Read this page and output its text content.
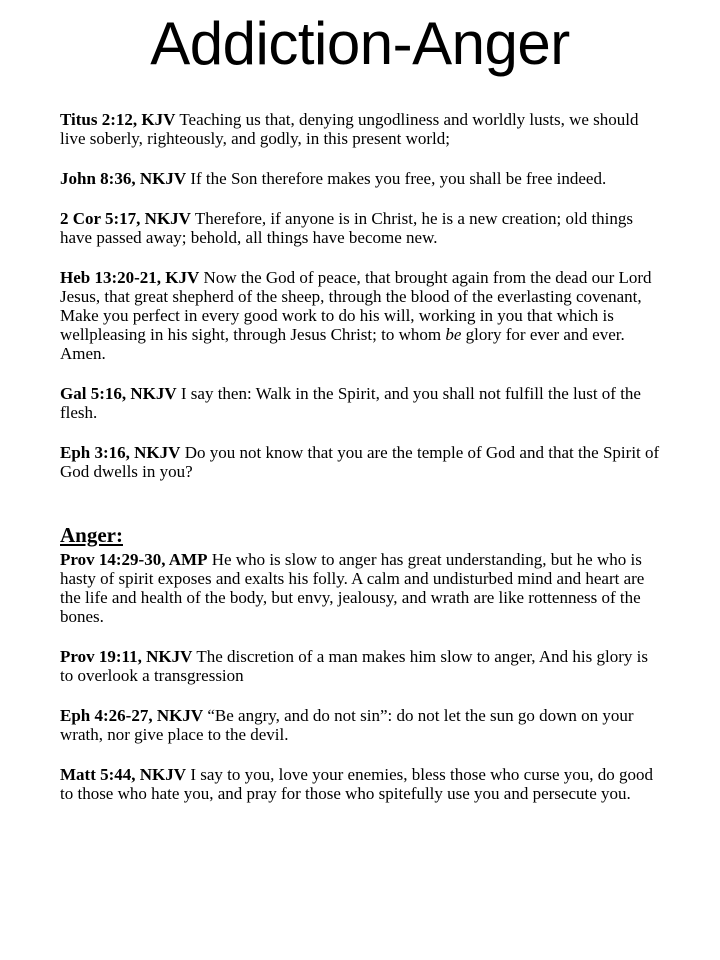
Addiction-Anger

Titus 2:12, KJV Teaching us that, denying ungodliness and worldly lusts, we should live soberly, righteously, and godly, in this present world;

John 8:36, NKJV If the Son therefore makes you free, you shall be free indeed.

2 Cor 5:17, NKJV Therefore, if anyone is in Christ, he is a new creation; old things have passed away; behold, all things have become new.

Heb 13:20-21, KJV Now the God of peace, that brought again from the dead our Lord Jesus, that great shepherd of the sheep, through the blood of the everlasting covenant, Make you perfect in every good work to do his will, working in you that which is wellpleasing in his sight, through Jesus Christ; to whom be glory for ever and ever. Amen.

Gal 5:16, NKJV I say then: Walk in the Spirit, and you shall not fulfill the lust of the flesh.

Eph 3:16, NKJV Do you not know that you are the temple of God and that the Spirit of God dwells in you?

Anger:

Prov 14:29-30, AMP He who is slow to anger has great understanding, but he who is hasty of spirit exposes and exalts his folly. A calm and undisturbed mind and heart are the life and health of the body, but envy, jealousy, and wrath are like rottenness of the bones.

Prov 19:11, NKJV The discretion of a man makes him slow to anger, And his glory is to overlook a transgression

Eph 4:26-27, NKJV “Be angry, and do not sin”: do not let the sun go down on your wrath, nor give place to the devil.

Matt 5:44, NKJV I say to you, love your enemies, bless those who curse you, do good to those who hate you, and pray for those who spitefully use you and persecute you.
